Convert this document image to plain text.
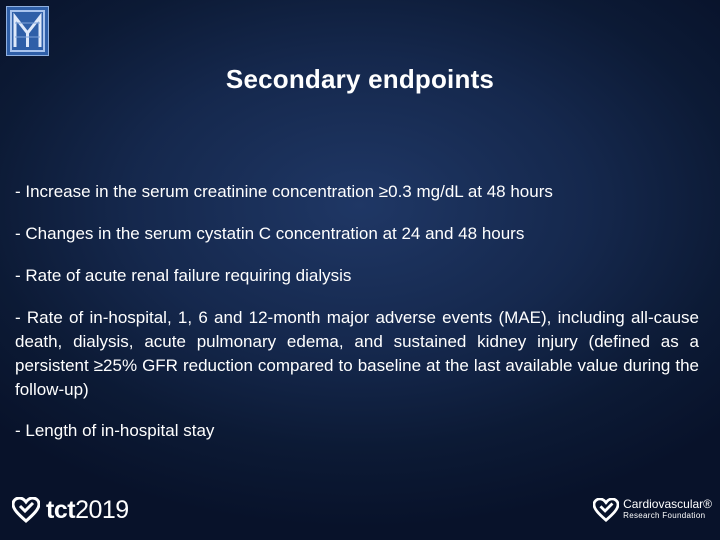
Secondary endpoints

- Increase in the serum creatinine concentration ≥0.3 mg/dL at 48 hours

- Changes in the serum cystatin C concentration at 24 and 48 hours

- Rate of acute renal failure requiring dialysis

- Rate of in-hospital, 1, 6 and 12-month major adverse events (MAE), including all-cause death, dialysis, acute pulmonary edema, and sustained kidney injury (defined as a persistent ≥25% GFR reduction compared to baseline at the last available value during the follow-up)

- Length of in-hospital stay

tct2019	Cardiovascular®
Research Foundation
